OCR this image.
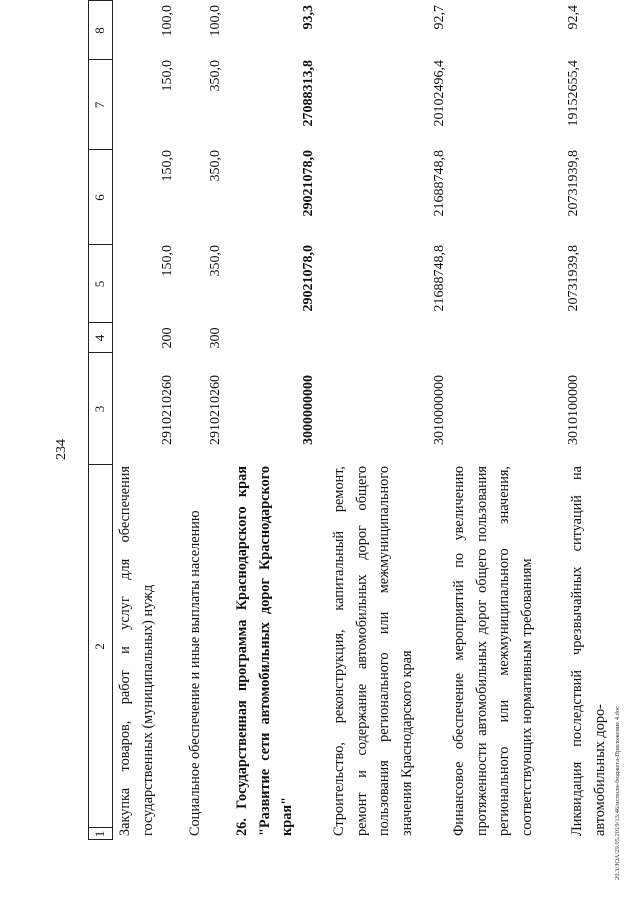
234
1
2
3
4
5
6
7
8
Закупка товаров, работ и услуг для обеспечения государственных (муниципальных) нужд
2910210260
200
150,0
150,0
150,0
100,0
Социальное обеспечение и иные выплаты населению
2910210260
300
350,0
350,0
350,0
100,0
26. Государственная программа Краснодарского края "Развитие сети автомобильных дорог Краснодарского края"
3000000000
29021078,0
29021078,0
27088313,8
93,3
Строительство, реконструкция, капитальный ремонт, ремонт и содержание автомобильных дорог общего пользования регионального или межмуниципального значения Краснодарского края
3010000000
21688748,8
21688748,8
20102496,4
92,7
Финансовое обеспечение мероприятий по увеличению протяженности автомобильных дорог общего пользования регионального или межмуниципального значения, соответствующих нормативным требованиям
3010100000
20731939,8
20731939,8
19152655,4
92,4
Ликвидация последствий чрезвычайных ситуаций на автомобильных доро-	20.3/ЗОА/29.05.2019/13:46/исполн-бюджета-Приложение 4.doc
